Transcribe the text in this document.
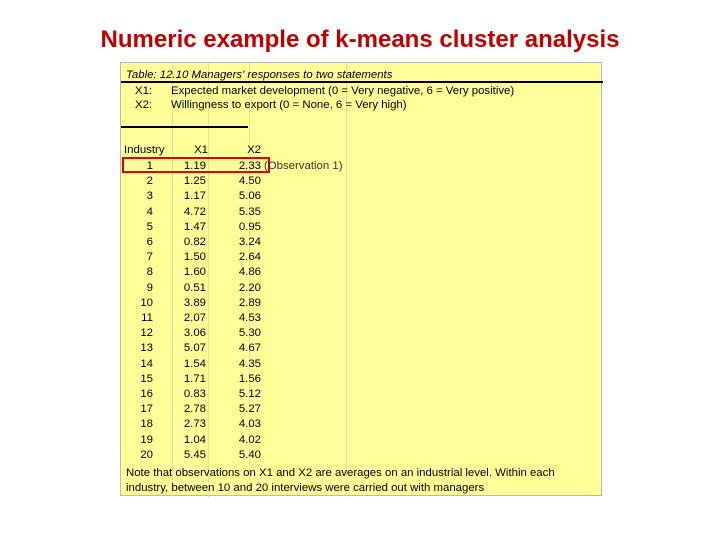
Numeric example of k-means cluster analysis
Table: 12.10 Managers' responses to two statements
X1: Expected market development (0 = Very negative, 6 = Very positive)
X2: Willingness to export (0 = None, 6 = Very high)
Industry	X1	X2
1	1.19	2.33
2	1.25	4.50
3	1.17	5.06
4	4.72	5.35
5	1.47	0.95
6	0.82	3.24
7	1.50	2.64
8	1.60	4.86
9	0.51	2.20
10	3.89	2.89
11	2.07	4.53
12	3.06	5.30
13	5.07	4.67
14	1.54	4.35
15	1.71	1.56
16	0.83	5.12
17	2.78	5.27
18	2.73	4.03
19	1.04	4.02
20	5.45	5.40
(Observation 1)
Note that observations on X1 and X2 are averages on an industrial level. Within each
industry, between 10 and 20 interviews were carried out with managers
